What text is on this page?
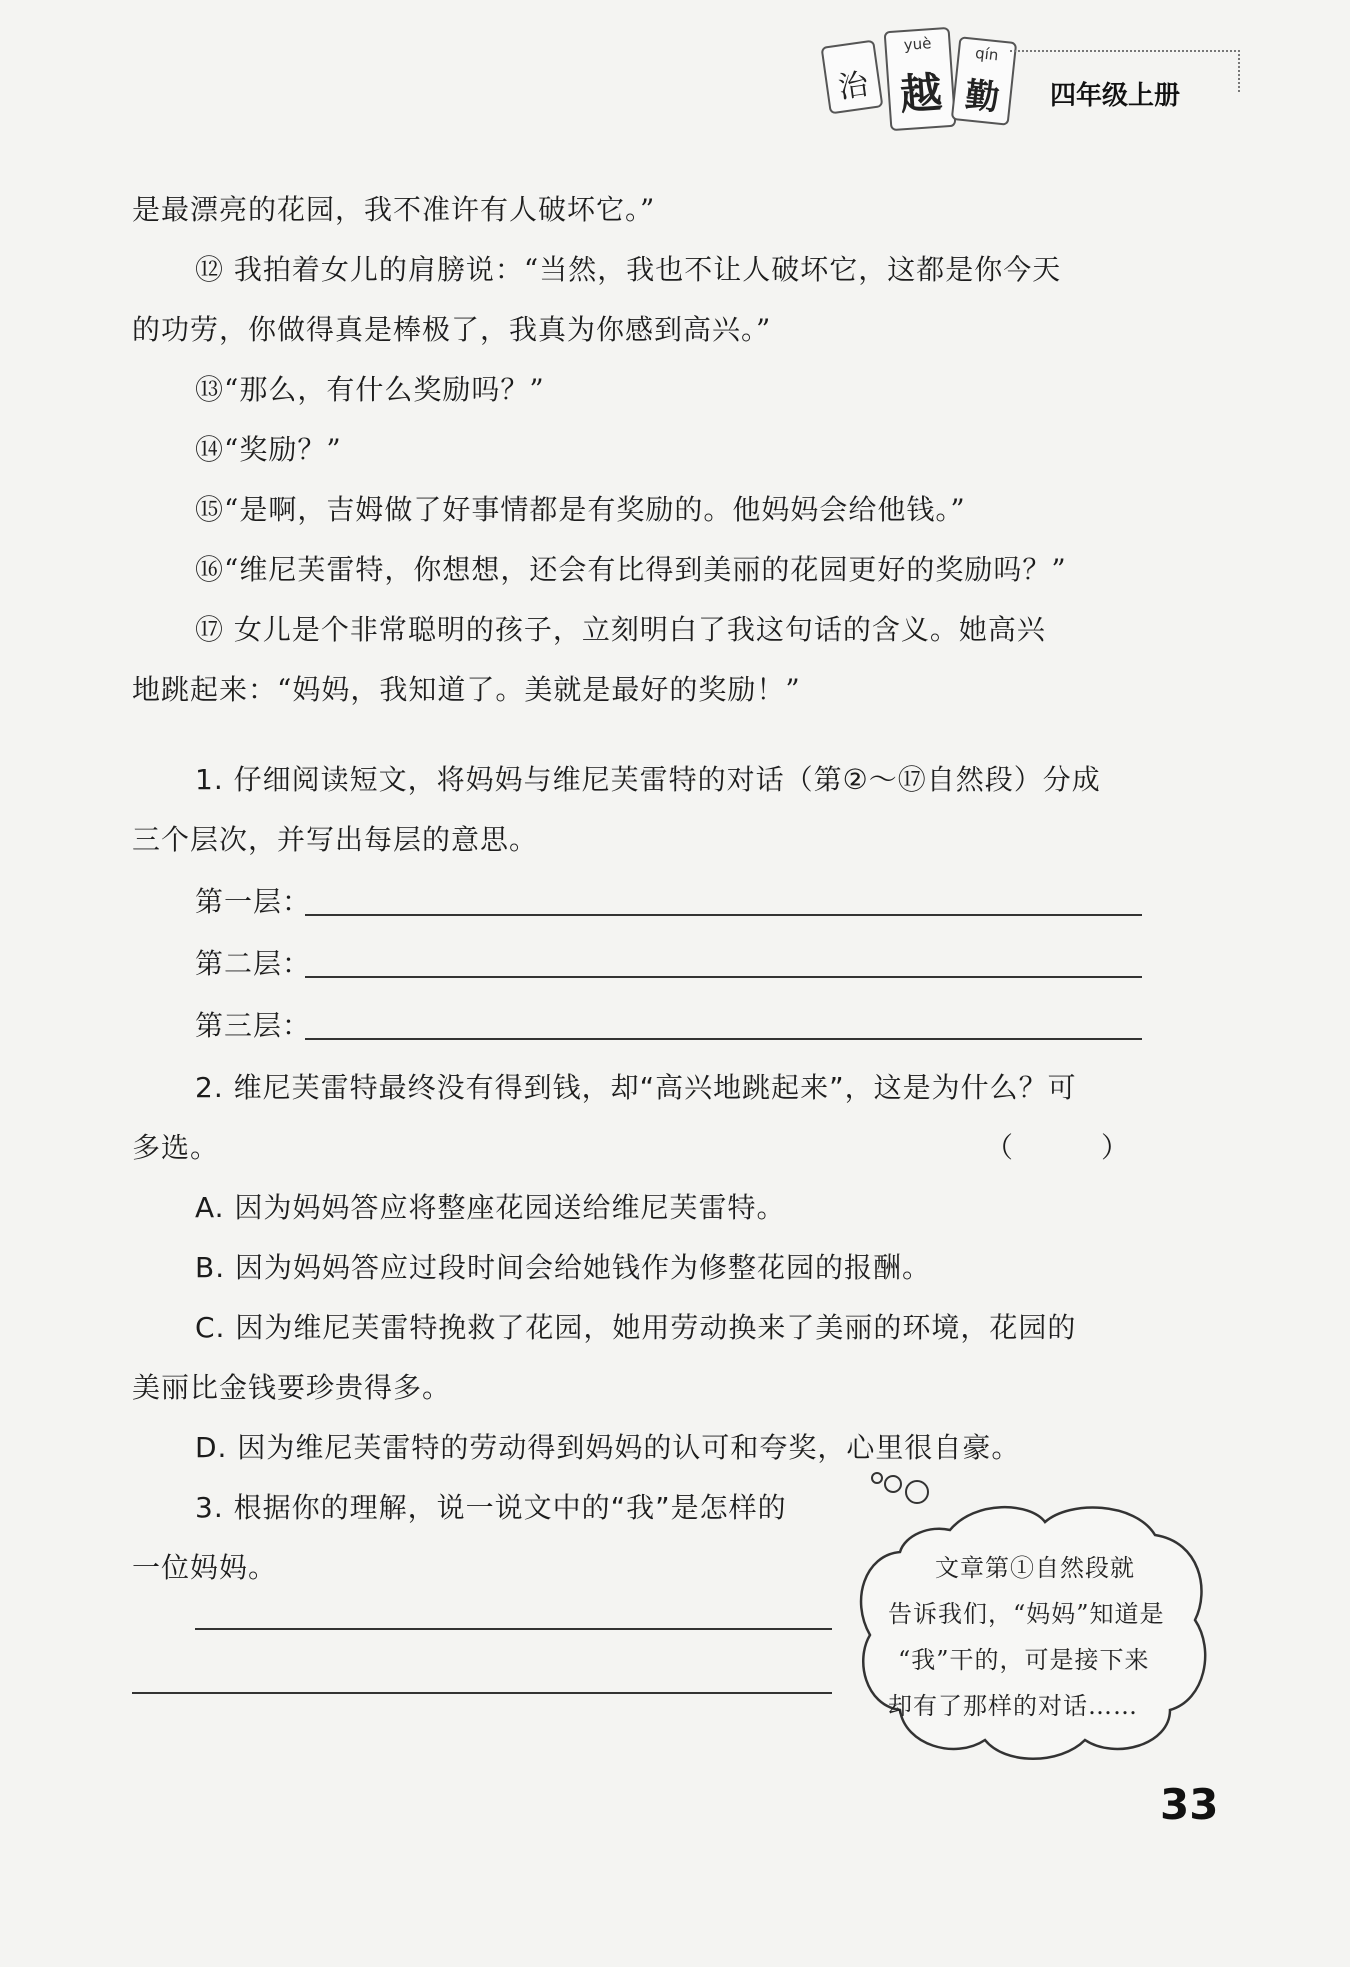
治
yuè
越
qín
勤	四年级上册
是最漂亮的花园，我不准许有人破坏它。”
⑫ 我拍着女儿的肩膀说：“当然，我也不让人破坏它，这都是你今天
的功劳，你做得真是棒极了，我真为你感到高兴。”
⑬“那么，有什么奖励吗？”
⑭“奖励？”
⑮“是啊，吉姆做了好事情都是有奖励的。他妈妈会给他钱。”
⑯“维尼芙雷特，你想想，还会有比得到美丽的花园更好的奖励吗？”
⑰ 女儿是个非常聪明的孩子，立刻明白了我这句话的含义。她高兴
地跳起来：“妈妈，我知道了。美就是最好的奖励！”
1. 仔细阅读短文，将妈妈与维尼芙雷特的对话（第②～⑰自然段）分成
三个层次，并写出每层的意思。
第一层：
第二层：
第三层：
2. 维尼芙雷特最终没有得到钱，却“高兴地跳起来”，这是为什么？可
多选。	（　　　）
A. 因为妈妈答应将整座花园送给维尼芙雷特。
B. 因为妈妈答应过段时间会给她钱作为修整花园的报酬。
C. 因为维尼芙雷特挽救了花园，她用劳动换来了美丽的环境，花园的
美丽比金钱要珍贵得多。
D. 因为维尼芙雷特的劳动得到妈妈的认可和夸奖，心里很自豪。
3. 根据你的理解，说一说文中的“我”是怎样的
一位妈妈。	文章第①自然段就
告诉我们，“妈妈”知道是
“我”干的，可是接下来
却有了那样的对话……
33
